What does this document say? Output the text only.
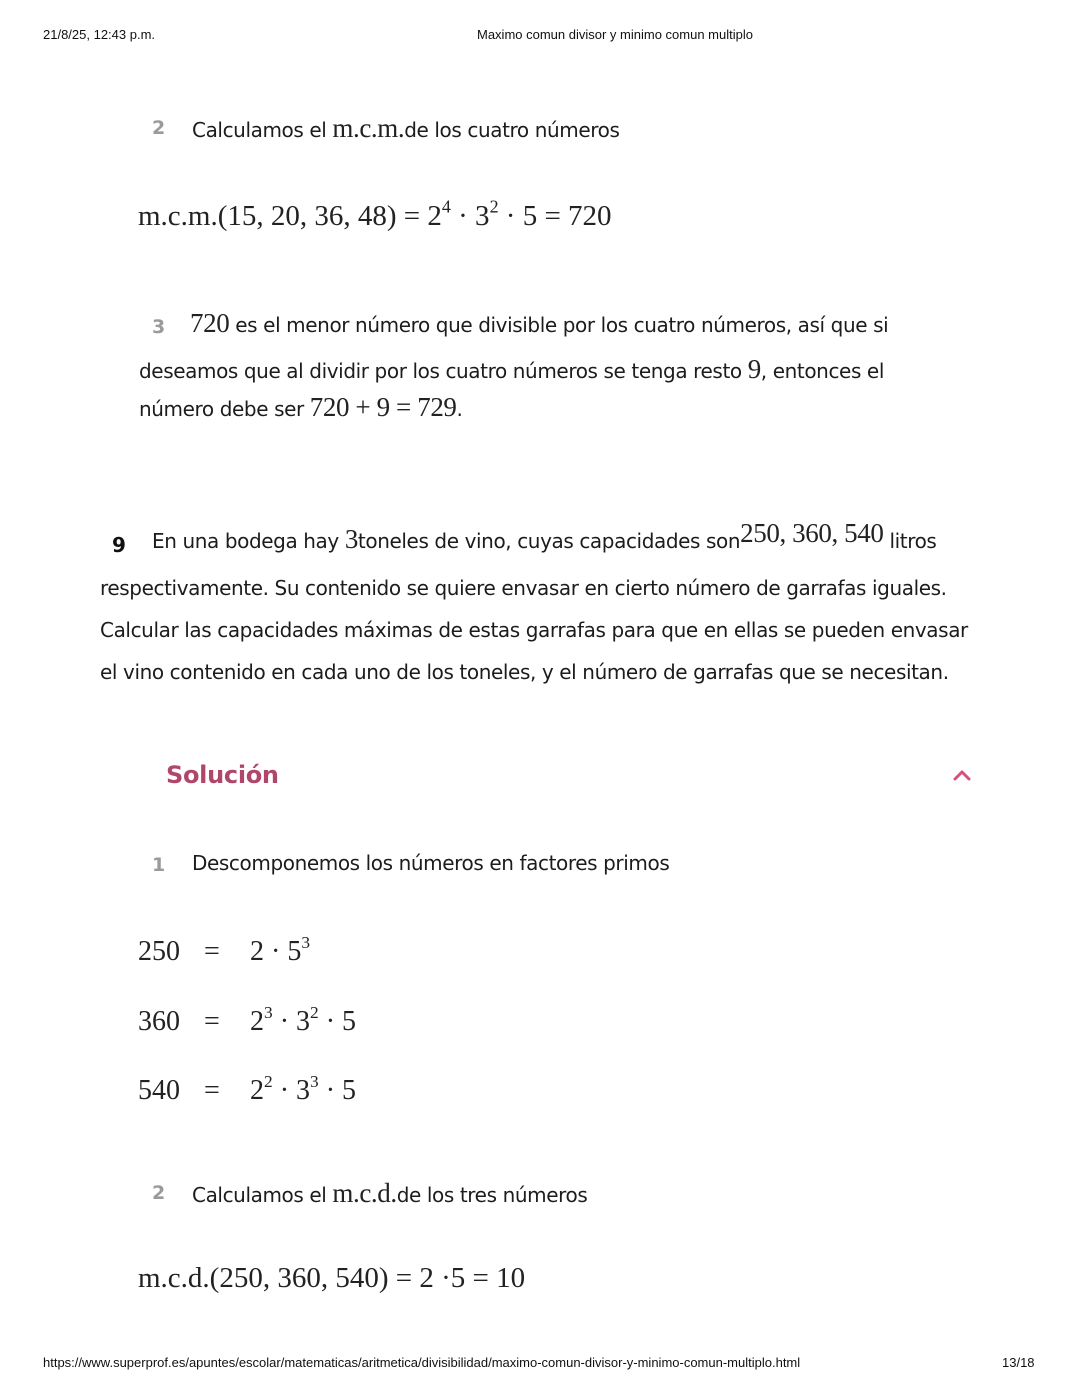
21/8/25, 12:43 p.m.	Maximo comun divisor y minimo comun multiplo
2 Calculamos el m.c.m.de los cuatro números
m.c.m.(15, 20, 36, $48) = 2^4 \cdot 3^2 \cdot 5 = 720$
3 720 es el menor número que divisible por los cuatro números, así que si
deseamos que al dividir por los cuatro números se tenga resto 9, entonces el
número debe ser 720 + 9 = 729.
9 En una bodega hay 3toneles de vino, cuyas capacidades son250, 360, 540 litros
respectivamente. Su contenido se quiere envasar en cierto número de garrafas iguales.
Calcular las capacidades máximas de estas garrafas para que en ellas se pueden envasar
el vino contenido en cada uno de los toneles, y el número de garrafas que se necesitan.
Solución
1 Descomponemos los números en factores primos
$250 = 2 \cdot 5^3$
$360 = 2^3 \cdot 3^2 \cdot 5$
$540 = 2^2 \cdot 3^3 \cdot 5$
2 Calculamos el m.c.d.de los tres números
m.c.d.(250, 360, 540) = 2 ·5 = 10
https://www.superprof.es/apuntes/escolar/matematicas/aritmetica/divisibilidad/maximo-comun-divisor-y-minimo-comun-multiplo.html	13/18
